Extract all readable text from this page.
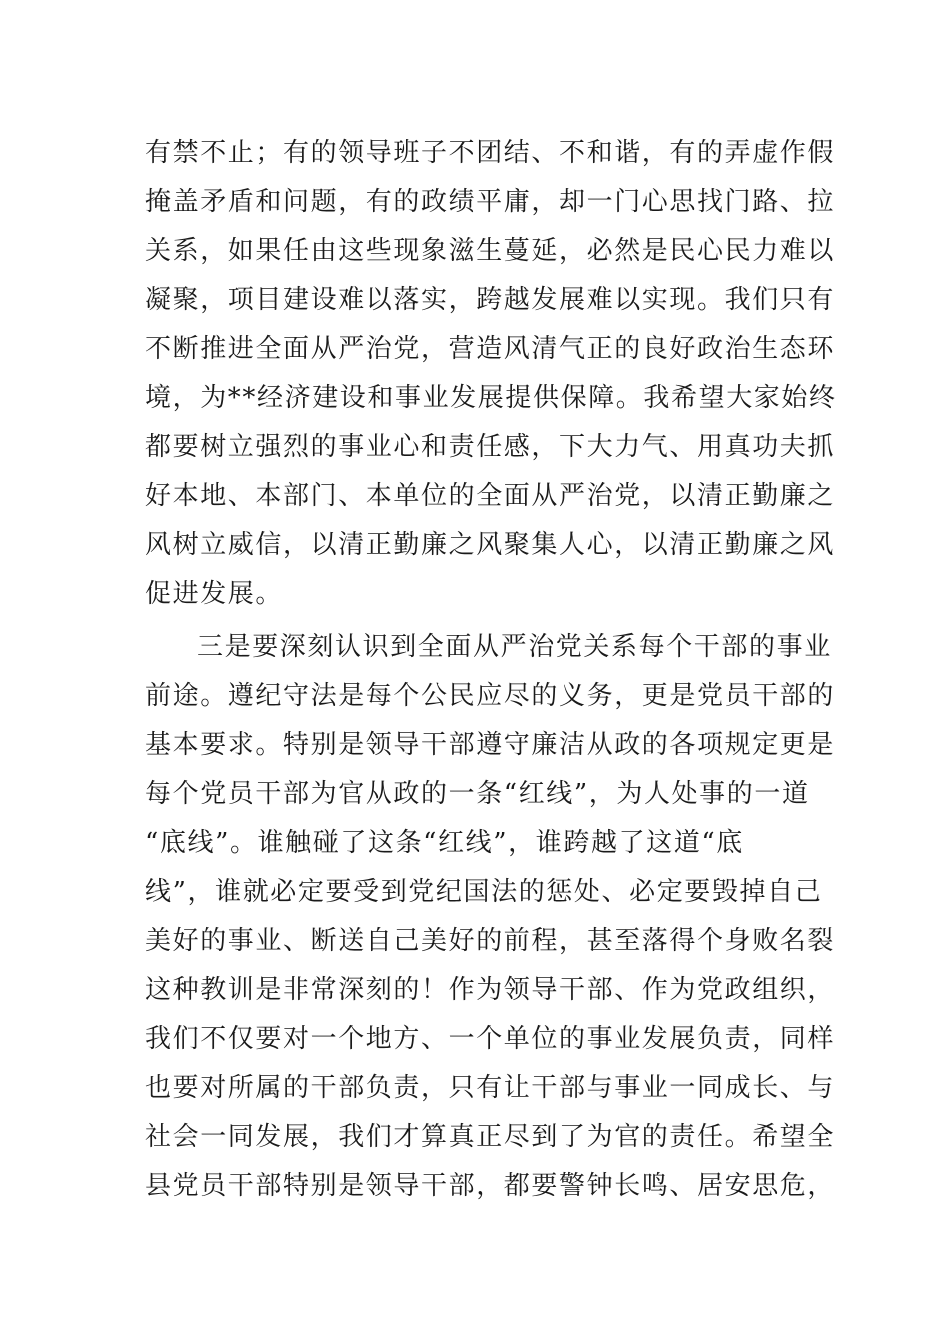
有禁不止；有的领导班子不团结、不和谐，有的弄虚作假
掩盖矛盾和问题，有的政绩平庸，却一门心思找门路、拉
关系，如果任由这些现象滋生蔓延，必然是民心民力难以
凝聚，项目建设难以落实，跨越发展难以实现。我们只有
不断推进全面从严治党，营造风清气正的良好政治生态环
境，为**经济建设和事业发展提供保障。我希望大家始终
都要树立强烈的事业心和责任感，下大力气、用真功夫抓
好本地、本部门、本单位的全面从严治党，以清正勤廉之
风树立威信，以清正勤廉之风聚集人心，以清正勤廉之风
促进发展。
三是要深刻认识到全面从严治党关系每个干部的事业
前途。遵纪守法是每个公民应尽的义务，更是党员干部的
基本要求。特别是领导干部遵守廉洁从政的各项规定更是
每个党员干部为官从政的一条“红线”，为人处事的一道
“底线”。谁触碰了这条“红线”，谁跨越了这道“底
线”，谁就必定要受到党纪国法的惩处、必定要毁掉自己
美好的事业、断送自己美好的前程，甚至落得个身败名裂
这种教训是非常深刻的！作为领导干部、作为党政组织，
我们不仅要对一个地方、一个单位的事业发展负责，同样
也要对所属的干部负责，只有让干部与事业一同成长、与
社会一同发展，我们才算真正尽到了为官的责任。希望全
县党员干部特别是领导干部，都要警钟长鸣、居安思危，
